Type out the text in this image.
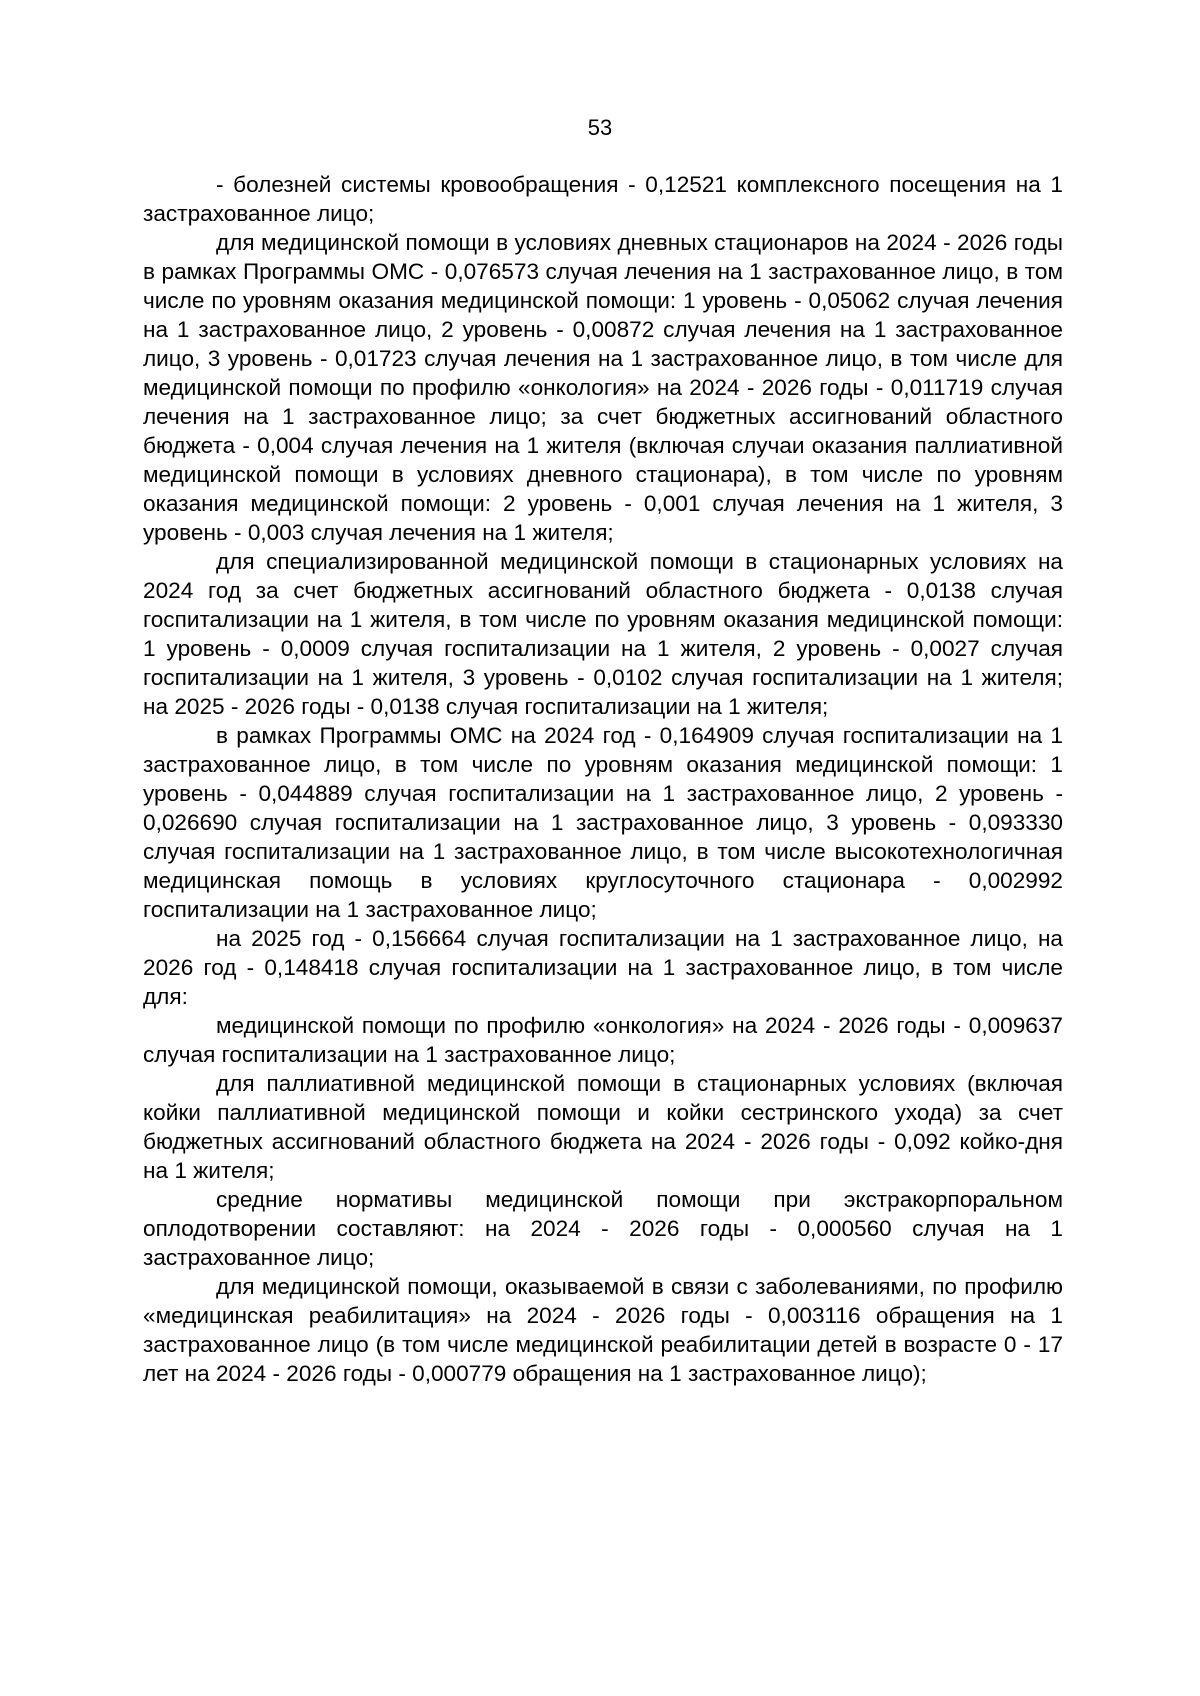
53

- болезней системы кровообращения - 0,12521 комплексного посещения на 1 застрахованное лицо;

для медицинской помощи в условиях дневных стационаров на 2024 - 2026 годы в рамках Программы ОМС - 0,076573 случая лечения на 1 застрахованное лицо, в том числе по уровням оказания медицинской помощи: 1 уровень - 0,05062 случая лечения на 1 застрахованное лицо, 2 уровень - 0,00872 случая лечения на 1 застрахованное лицо, 3 уровень - 0,01723 случая лечения на 1 застрахованное лицо, в том числе для медицинской помощи по профилю «онкология» на 2024 - 2026 годы - 0,011719 случая лечения на 1 застрахованное лицо; за счет бюджетных ассигнований областного бюджета - 0,004 случая лечения на 1 жителя (включая случаи оказания паллиативной медицинской помощи в условиях дневного стационара), в том числе по уровням оказания медицинской помощи: 2 уровень - 0,001 случая лечения на 1 жителя, 3 уровень - 0,003 случая лечения на 1 жителя;

для специализированной медицинской помощи в стационарных условиях на 2024 год за счет бюджетных ассигнований областного бюджета - 0,0138 случая госпитализации на 1 жителя, в том числе по уровням оказания медицинской помощи: 1 уровень - 0,0009 случая госпитализации на 1 жителя, 2 уровень - 0,0027 случая госпитализации на 1 жителя, 3 уровень - 0,0102 случая госпитализации на 1 жителя; на 2025 - 2026 годы - 0,0138 случая госпитализации на 1 жителя;

в рамках Программы ОМС на 2024 год - 0,164909 случая госпитализации на 1 застрахованное лицо, в том числе по уровням оказания медицинской помощи: 1 уровень - 0,044889 случая госпитализации на 1 застрахованное лицо, 2 уровень - 0,026690 случая госпитализации на 1 застрахованное лицо, 3 уровень - 0,093330 случая госпитализации на 1 застрахованное лицо, в том числе высокотехнологичная медицинская помощь в условиях круглосуточного стационара - 0,002992 госпитализации на 1 застрахованное лицо;

на 2025 год - 0,156664 случая госпитализации на 1 застрахованное лицо, на 2026 год - 0,148418 случая госпитализации на 1 застрахованное лицо, в том числе для:

медицинской помощи по профилю «онкология» на 2024 - 2026 годы - 0,009637 случая госпитализации на 1 застрахованное лицо;

для паллиативной медицинской помощи в стационарных условиях (включая койки паллиативной медицинской помощи и койки сестринского ухода) за счет бюджетных ассигнований областного бюджета на 2024 - 2026 годы - 0,092 койко-дня на 1 жителя;

средние нормативы медицинской помощи при экстракорпоральном оплодотворении составляют: на 2024 - 2026 годы - 0,000560 случая на 1 застрахованное лицо;

для медицинской помощи, оказываемой в связи с заболеваниями, по профилю «медицинская реабилитация» на 2024 - 2026 годы - 0,003116 обращения на 1 застрахованное лицо (в том числе медицинской реабилитации детей в возрасте 0 - 17 лет на 2024 - 2026 годы - 0,000779 обращения на 1 застрахованное лицо);
